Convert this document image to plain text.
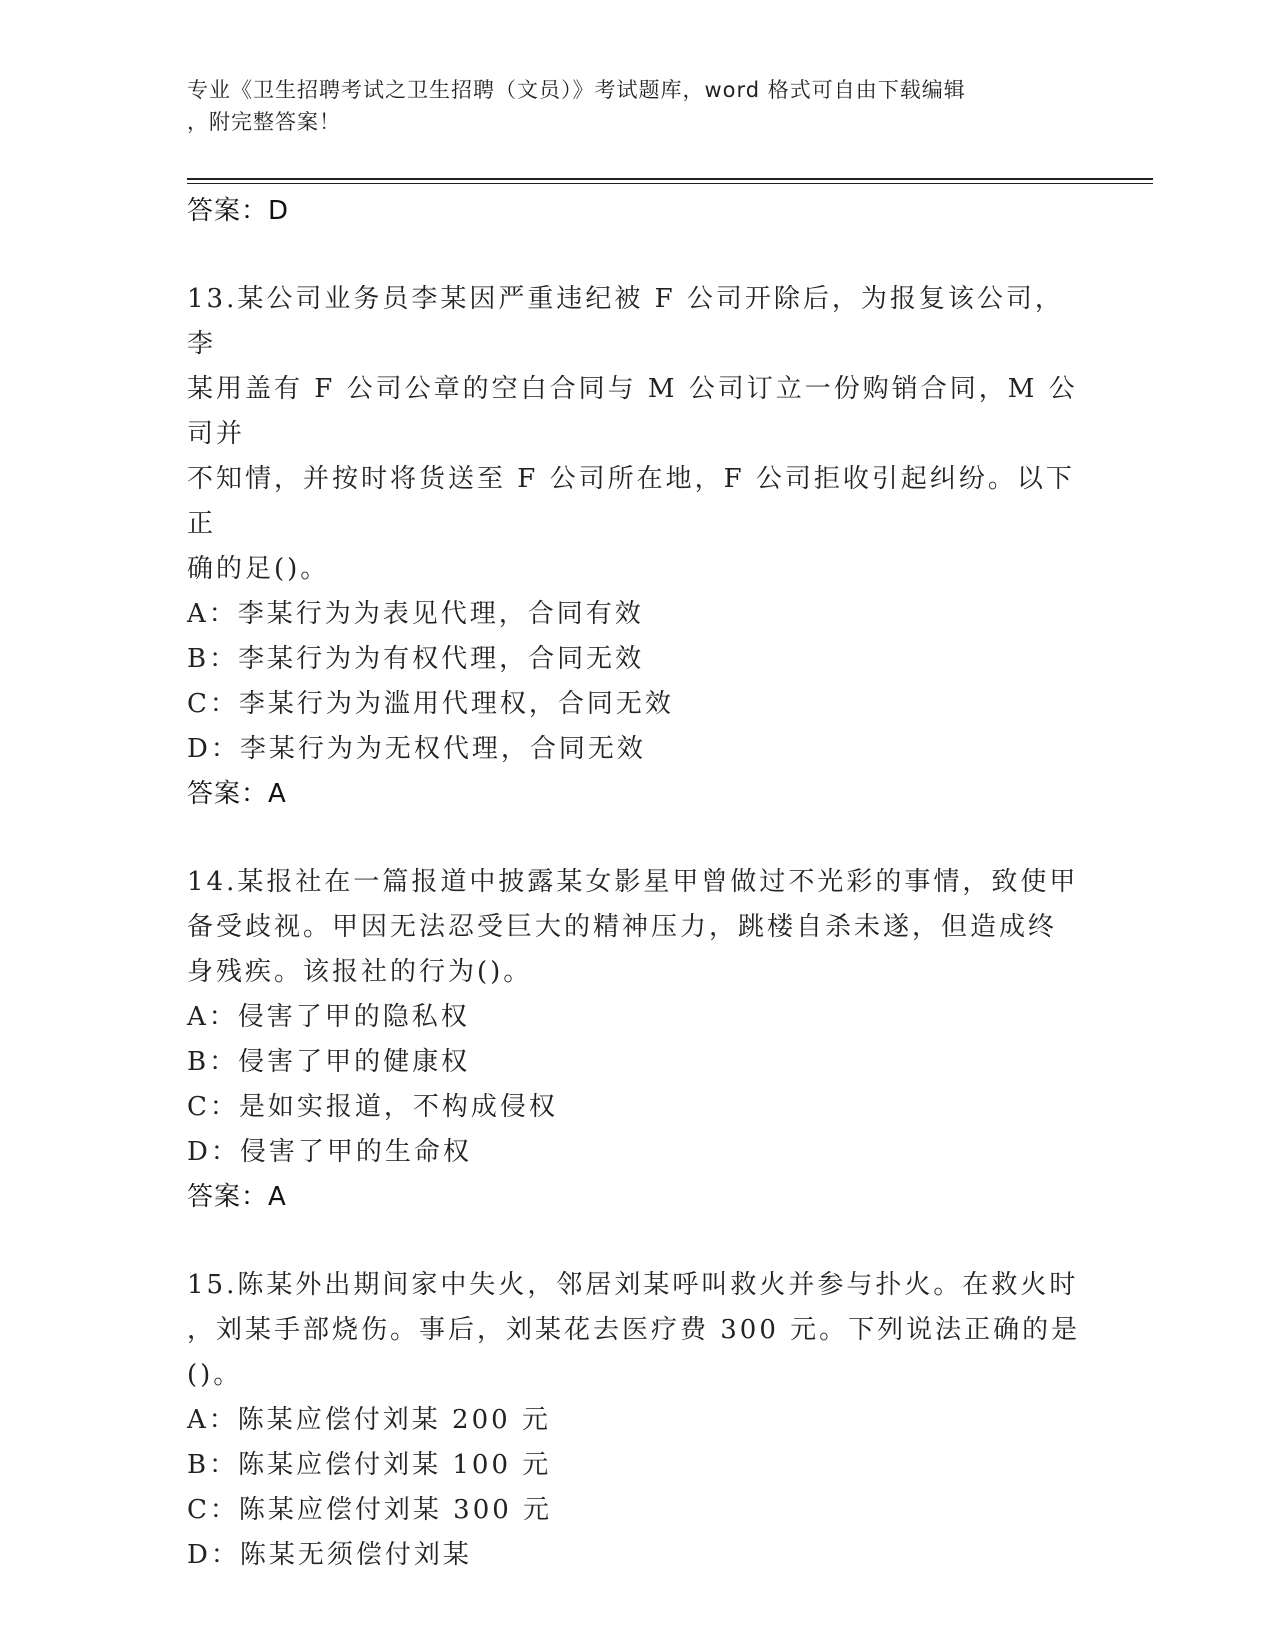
专业《卫生招聘考试之卫生招聘（文员）》考试题库，word 格式可自由下载编辑

，附完整答案！

答案：D

13.某公司业务员李某因严重违纪被 F 公司开除后，为报复该公司，李

某用盖有 F 公司公章的空白合同与 M 公司订立一份购销合同，M 公司并

不知情，并按时将货送至 F 公司所在地，F 公司拒收引起纠纷。以下正

确的足()。

A：李某行为为表见代理，合同有效

B：李某行为为有权代理，合同无效

C：李某行为为滥用代理权，合同无效

D：李某行为为无权代理，合同无效

答案：A

14.某报社在一篇报道中披露某女影星甲曾做过不光彩的事情，致使甲

备受歧视。甲因无法忍受巨大的精神压力，跳楼自杀未遂，但造成终

身残疾。该报社的行为()。

A：侵害了甲的隐私权

B：侵害了甲的健康权

C：是如实报道，不构成侵权

D：侵害了甲的生命权

答案：A

15.陈某外出期间家中失火，邻居刘某呼叫救火并参与扑火。在救火时

，刘某手部烧伤。事后，刘某花去医疗费 300 元。下列说法正确的是

()。

A：陈某应偿付刘某 200 元

B：陈某应偿付刘某 100 元

C：陈某应偿付刘某 300 元

D：陈某无须偿付刘某
